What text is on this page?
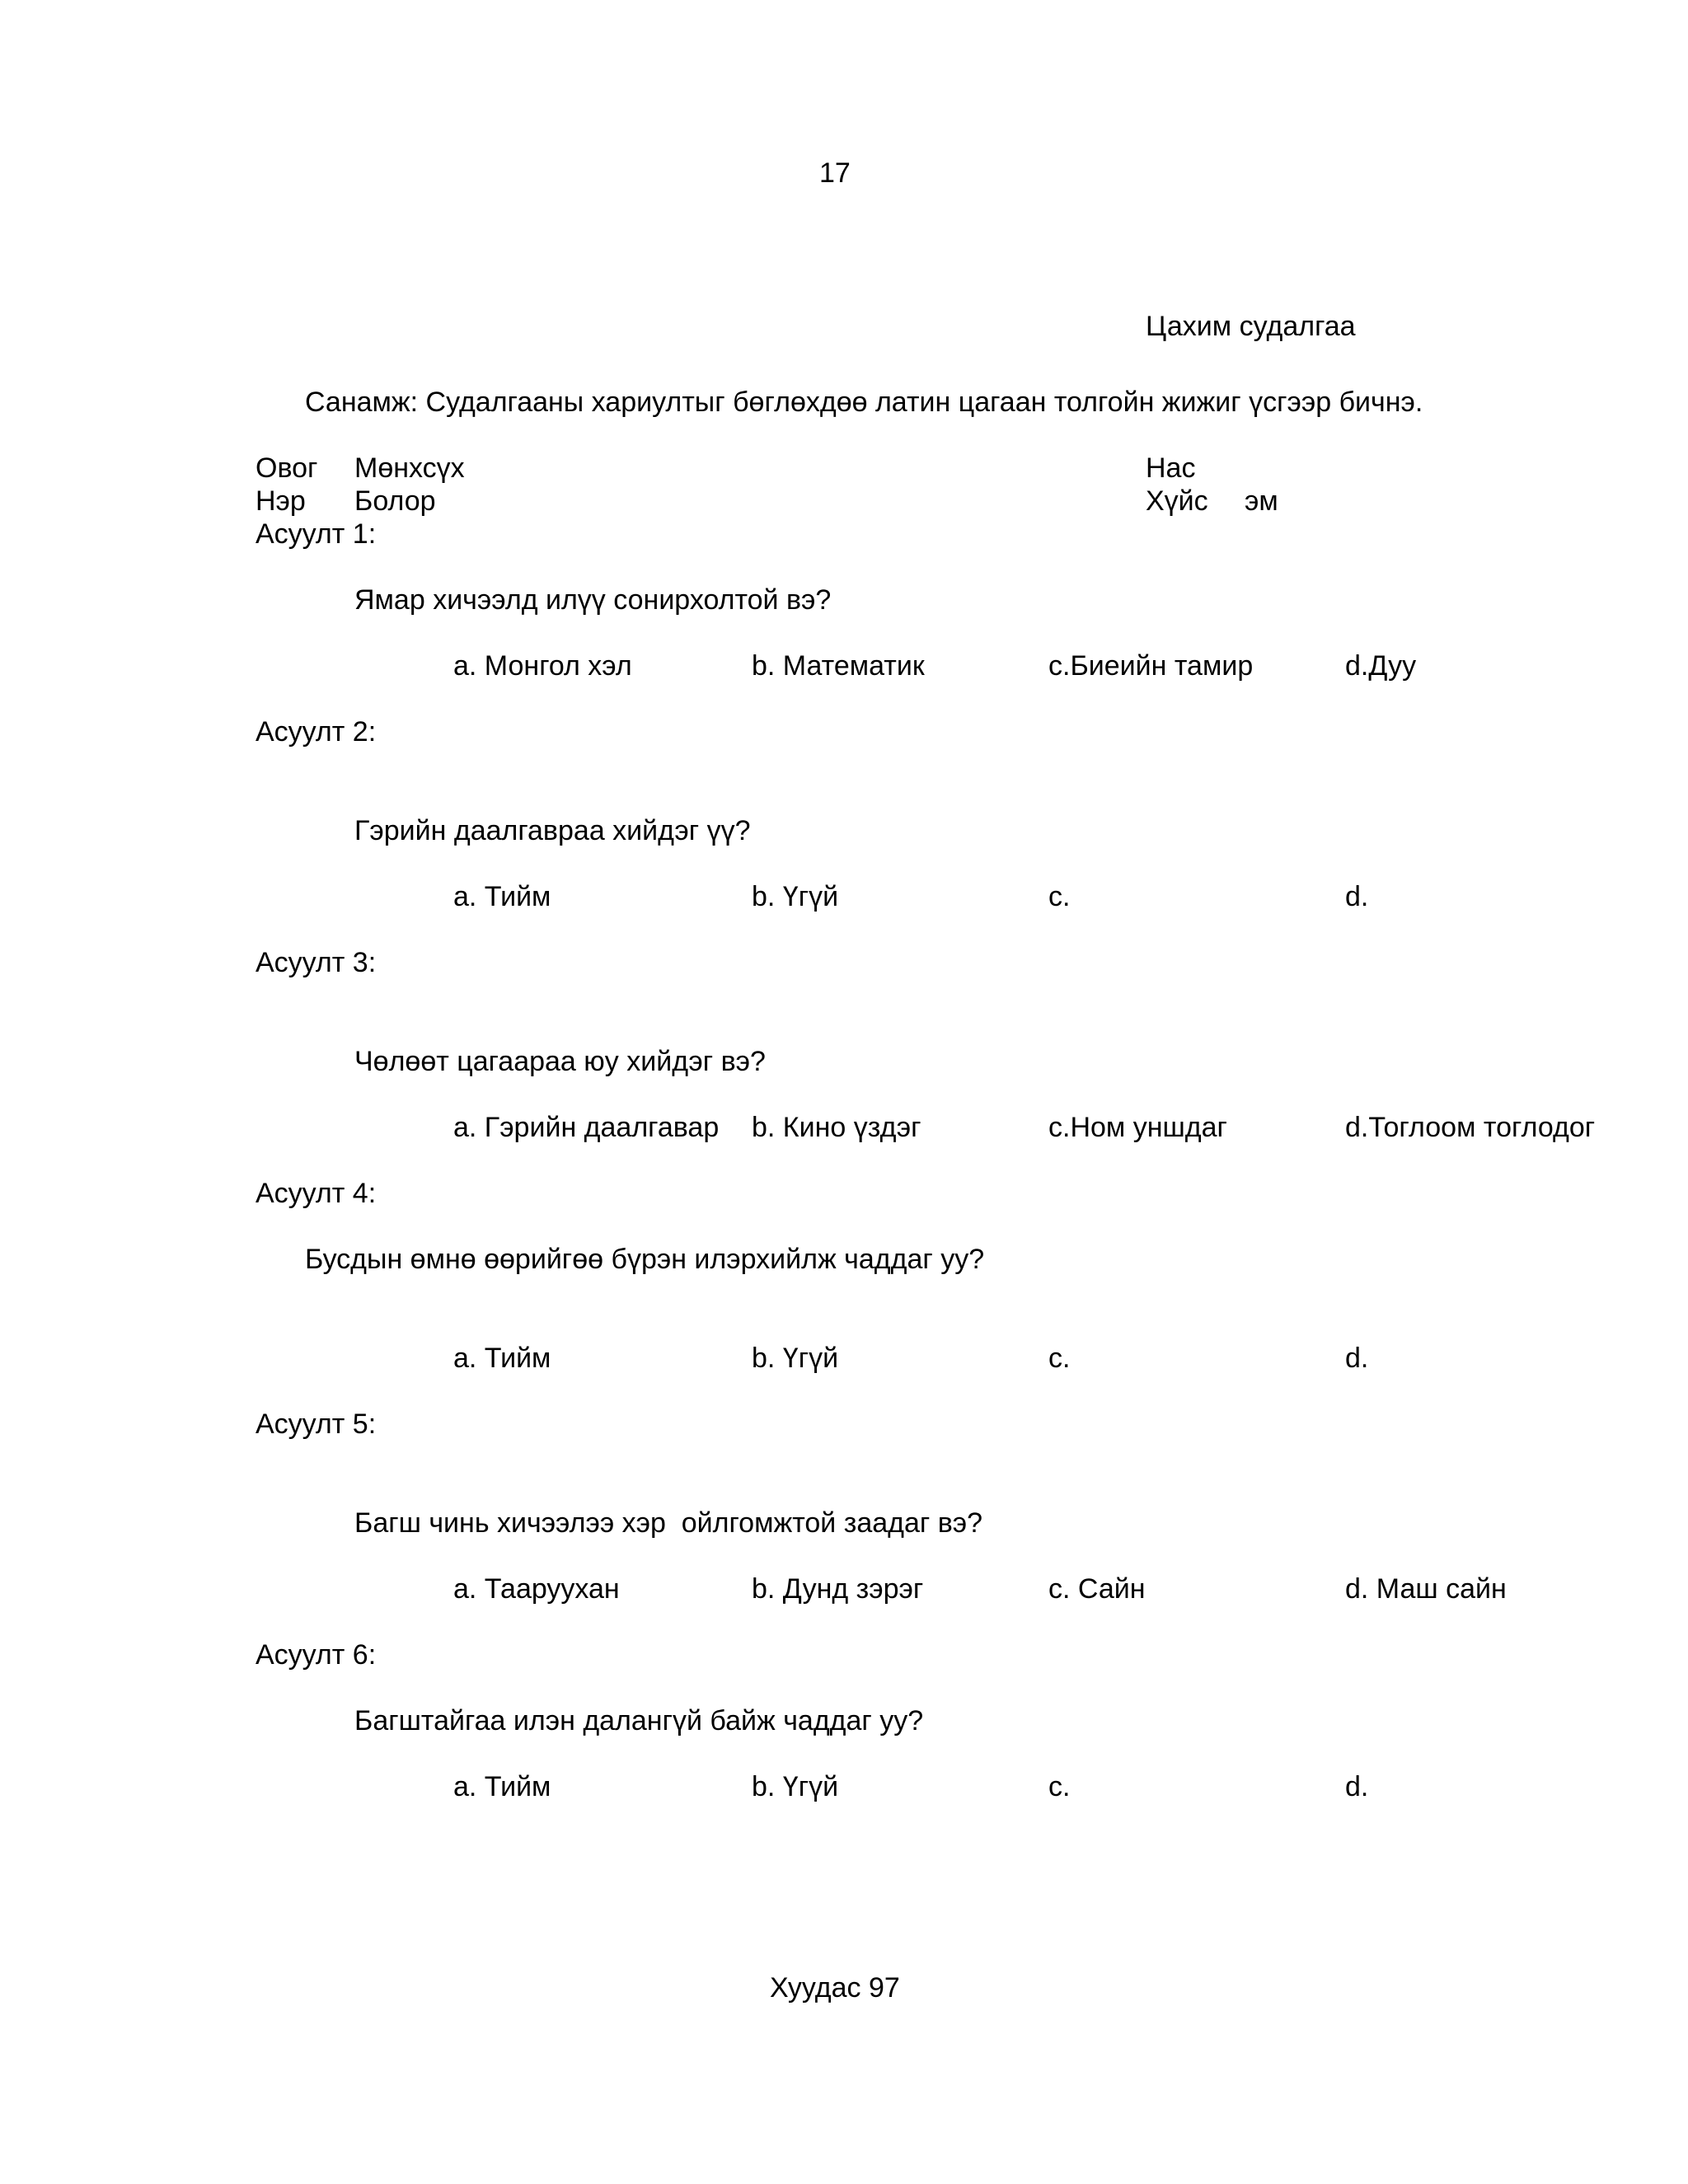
17
Цахим судалгаа
Санамж: Судалгааны хариултыг бөглөхдөө латин цагаан толгойн жижиг үсгээр бичнэ.
Овог Мөнхсүх	Нас
Нэр Болор	Хүйс эм
Асуулт 1:
Ямар хичээлд илүү сонирхолтой вэ?
a. Монгол хэл	b. Математик	c.Биеийн тамир	d.Дуу
Асуулт 2:
Гэрийн даалгавраа хийдэг үү?
a. Тийм	b. Үгүй	c.	d.
Асуулт 3:
Чөлөөт цагаараа юу хийдэг вэ?
a. Гэрийн даалгавар b. Кино үздэг	c.Ном уншдаг	d.Тоглоом тоглодог
Асуулт 4:
Бусдын өмнө өөрийгөө бүрэн илэрхийлж чаддаг уу?
a. Тийм	b. Үгүй	c.	d.
Асуулт 5:
Багш чинь хичээлээ хэр  ойлгомжтой заадаг вэ?
a. Тааруухан	b. Дунд зэрэг	c. Сайн	d. Маш сайн
Асуулт 6:
Багштайгаа илэн далангүй байж чаддаг уу?
a. Тийм	b. Үгүй	c.	d.
Хуудас 97
